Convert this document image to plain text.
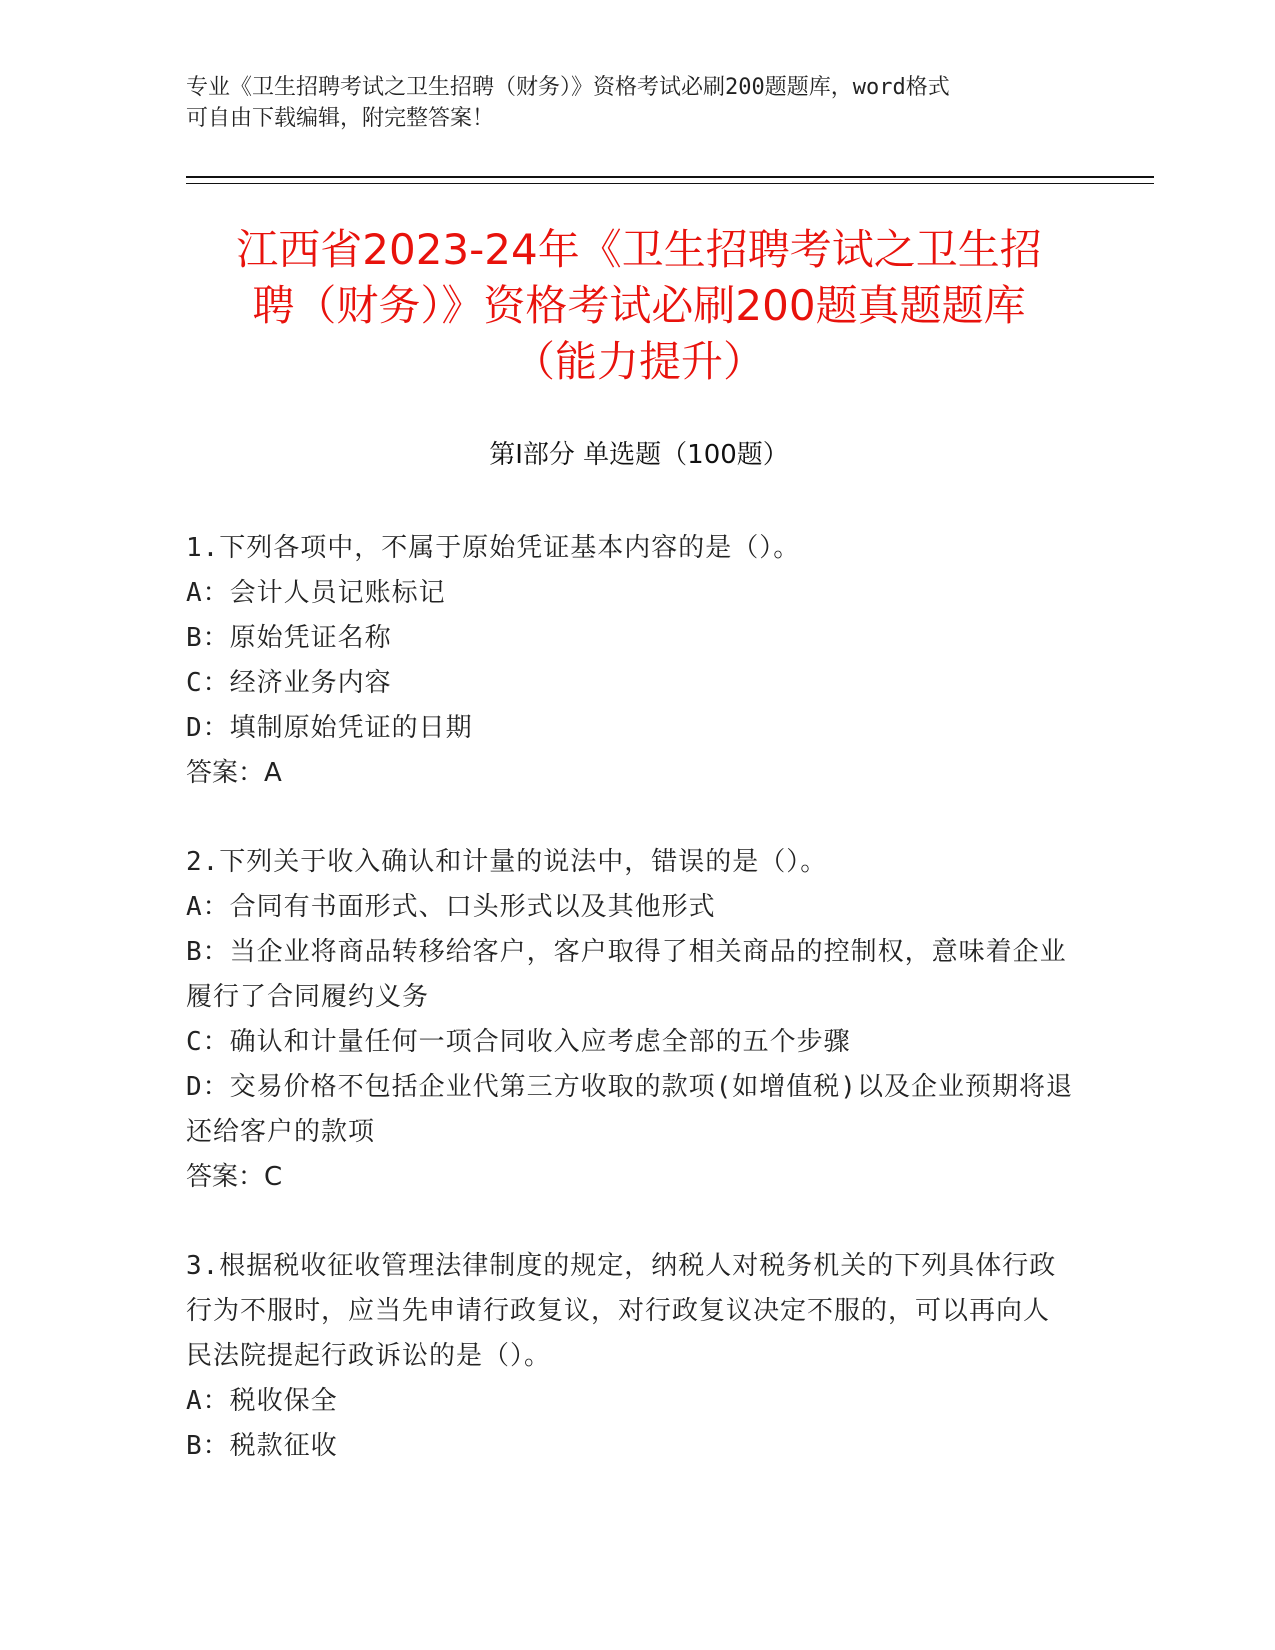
专业《卫生招聘考试之卫生招聘（财务）》资格考试必刷200题题库，word格式
可自由下载编辑，附完整答案！
江西省2023-24年《卫生招聘考试之卫生招
聘（财务）》资格考试必刷200题真题题库
（能力提升）
第Ⅰ部分 单选题（100题）

1.下列各项中，不属于原始凭证基本内容的是（）。

A：会计人员记账标记

B：原始凭证名称

C：经济业务内容

D：填制原始凭证的日期

答案：A

2.下列关于收入确认和计量的说法中，错误的是（）。

A：合同有书面形式、口头形式以及其他形式

B：当企业将商品转移给客户，客户取得了相关商品的控制权，意味着企业履行了合同履约义务

C：确认和计量任何一项合同收入应考虑全部的五个步骤

D：交易价格不包括企业代第三方收取的款项(如增值税)以及企业预期将退还给客户的款项

答案：C

3.根据税收征收管理法律制度的规定，纳税人对税务机关的下列具体行政行为不服时，应当先申请行政复议，对行政复议决定不服的，可以再向人民法院提起行政诉讼的是（）。

A：税收保全

B：税款征收
